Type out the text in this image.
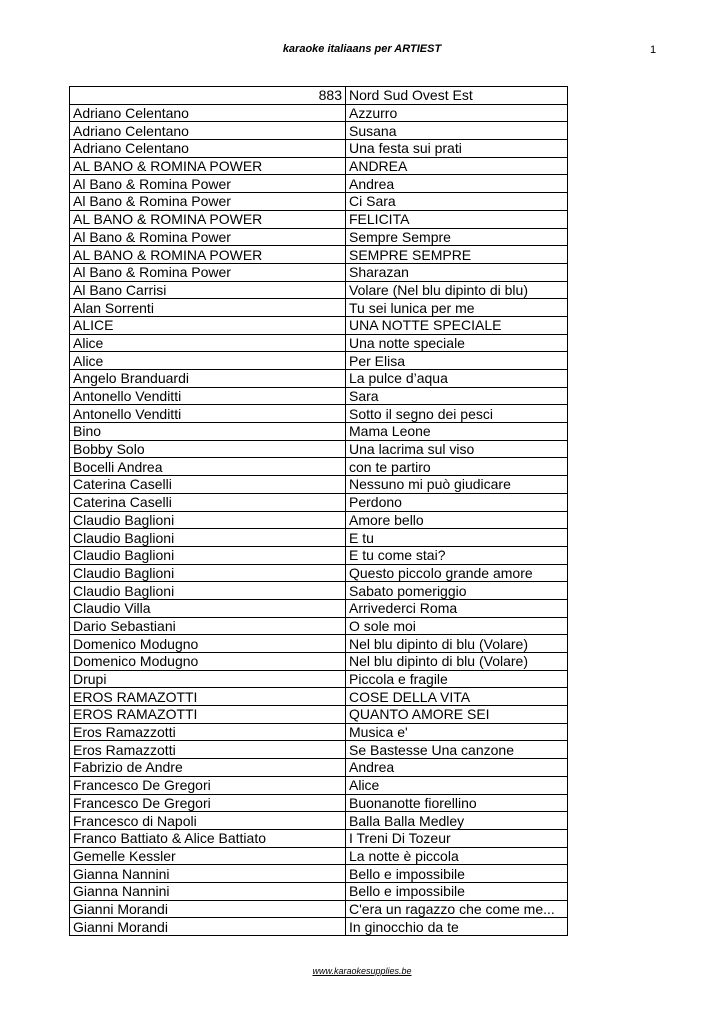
karaoke italiaans per ARTIEST	1
883	Nord Sud Ovest Est
Adriano Celentano	Azzurro
Adriano Celentano	Susana
Adriano Celentano	Una festa sui prati
AL BANO & ROMINA POWER	ANDREA
Al Bano & Romina Power	Andrea
Al Bano & Romina Power	Ci Sara
AL BANO & ROMINA POWER	FELICITA
Al Bano & Romina Power	Sempre Sempre
AL BANO & ROMINA POWER	SEMPRE SEMPRE
Al Bano & Romina Power	Sharazan
Al Bano Carrisi	Volare (Nel blu dipinto di blu)
Alan Sorrenti	Tu sei lunica per me
ALICE	UNA NOTTE SPECIALE
Alice	Una notte speciale
Alice	Per Elisa
Angelo Branduardi	La pulce d’aqua
Antonello Venditti	Sara
Antonello Venditti	Sotto il segno dei pesci
Bino	Mama Leone
Bobby Solo	Una lacrima sul viso
Bocelli Andrea	con te partiro
Caterina Caselli	Nessuno mi può giudicare
Caterina Caselli	Perdono
Claudio Baglioni	Amore bello
Claudio Baglioni	E tu
Claudio Baglioni	E tu come stai?
Claudio Baglioni	Questo piccolo grande amore
Claudio Baglioni	Sabato pomeriggio
Claudio Villa	Arrivederci Roma
Dario Sebastiani	O sole moi
Domenico Modugno	Nel blu dipinto di blu (Volare)
Domenico Modugno	Nel blu dipinto di blu (Volare)
Drupi	Piccola e fragile
EROS RAMAZOTTI	COSE DELLA VITA
EROS RAMAZOTTI	QUANTO AMORE SEI
Eros Ramazzotti	Musica e'
Eros Ramazzotti	Se Bastesse Una canzone
Fabrizio de Andre	Andrea
Francesco De Gregori	Alice
Francesco De Gregori	Buonanotte fiorellino
Francesco di Napoli	Balla Balla Medley
Franco Battiato & Alice Battiato	I Treni Di Tozeur
Gemelle Kessler	La notte è piccola
Gianna Nannini	Bello e impossibile
Gianna Nannini	Bello e impossibile
Gianni Morandi	C'era un ragazzo che come me...
Gianni Morandi	In ginocchio da te
www.karaokesupplies.be
